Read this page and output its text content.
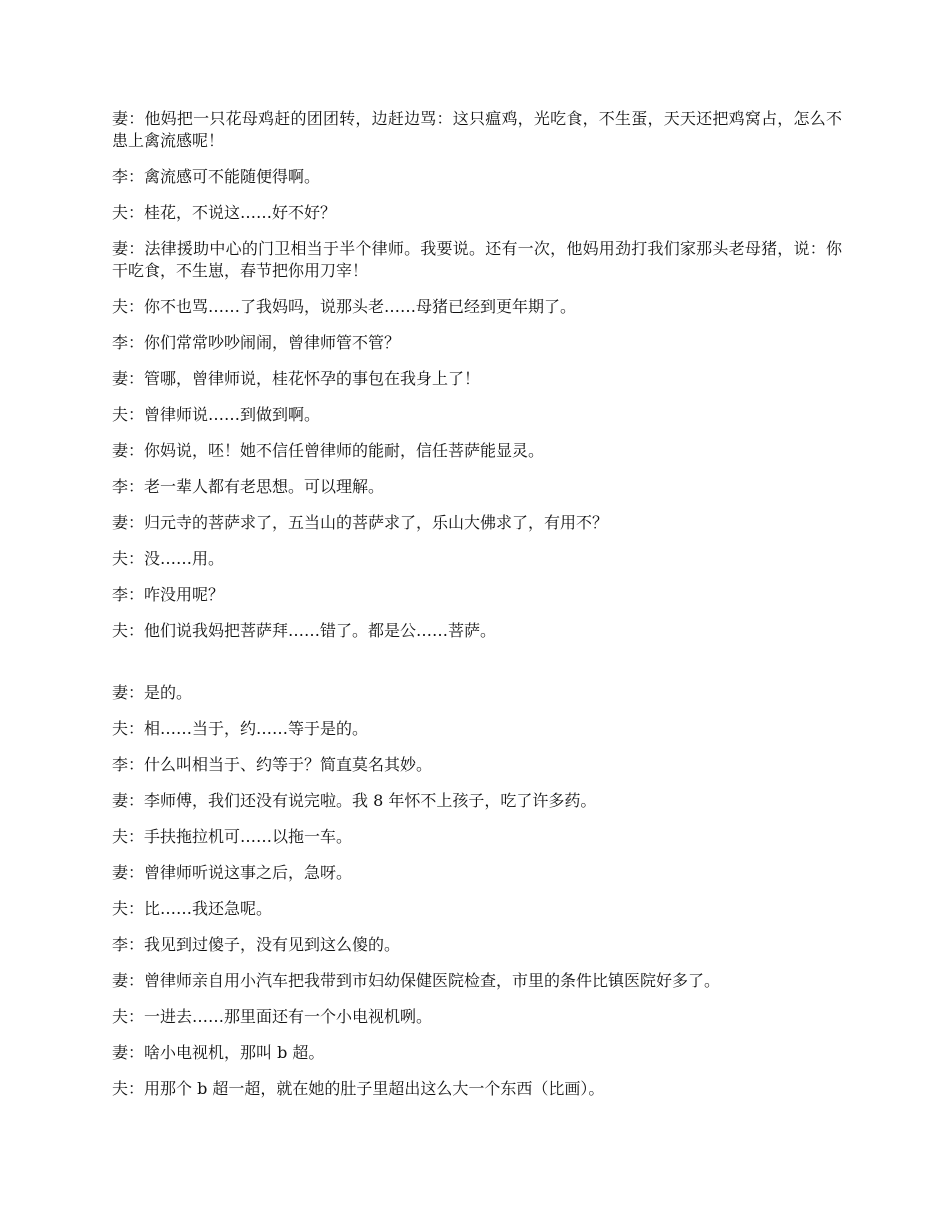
妻：他妈把一只花母鸡赶的团团转，边赶边骂：这只瘟鸡，光吃食，不生蛋，天天还把鸡窝占，怎么不患上禽流感呢！

李：禽流感可不能随便得啊。

夫：桂花，不说这……好不好？

妻：法律援助中心的门卫相当于半个律师。我要说。还有一次，他妈用劲打我们家那头老母猪，说：你干吃食，不生崽，春节把你用刀宰！

夫：你不也骂……了我妈吗，说那头老……母猪已经到更年期了。

李：你们常常吵吵闹闹，曾律师管不管？

妻：管哪，曾律师说，桂花怀孕的事包在我身上了！

夫：曾律师说……到做到啊。

妻：你妈说，呸！她不信任曾律师的能耐，信任菩萨能显灵。

李：老一辈人都有老思想。可以理解。

妻：归元寺的菩萨求了，五当山的菩萨求了，乐山大佛求了，有用不？

夫：没……用。

李：咋没用呢？

夫：他们说我妈把菩萨拜……错了。都是公……菩萨。

妻：是的。

夫：相……当于，约……等于是的。

李：什么叫相当于、约等于？简直莫名其妙。

妻：李师傅，我们还没有说完啦。我 8 年怀不上孩子，吃了许多药。

夫：手扶拖拉机可……以拖一车。

妻：曾律师听说这事之后，急呀。

夫：比……我还急呢。

李：我见到过傻子，没有见到这么傻的。

妻：曾律师亲自用小汽车把我带到市妇幼保健医院检查，市里的条件比镇医院好多了。

夫：一进去……那里面还有一个小电视机咧。

妻：啥小电视机，那叫 b 超。

夫：用那个 b 超一超，就在她的肚子里超出这么大一个东西（比画）。
